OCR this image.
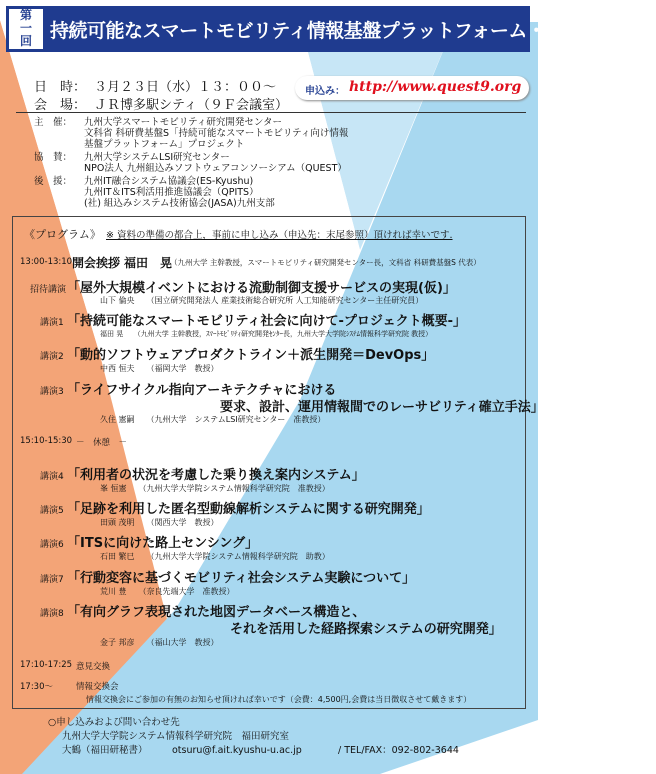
第
一
回 持続可能なスマートモビリティ情報基盤プラットフォーム・シンポジウム
日　時： ３月２３日（水）１３：００～
会　場： ＪＲ博多駅シティ（９Ｆ会議室）
申込み： http://www.quest9.org
主　催： 九州大学スマートモビリティ研究開発センター
文科省 科研費基盤S「持続可能なスマートモビリティ向け情報
基盤プラットフォーム」プロジェクト
協　賛： 九州大学システムLSI研究センター
NPO法人 九州組込みソフトウェアコンソーシアム（QUEST）
後　援： 九州IT融合システム協議会(ES-Kyushu)
九州IT＆ITS利活用推進協議会（QPITS）
(社) 組込みシステム技術協会(JASA)九州支部
《プログラム》 ※ 資料の準備の都合上，事前に申し込み（申込先：末尾参照）頂ければ幸いです.
13:00-13:10 開会挨拶 福田　晃
（九州大学 主幹教授，スマートモビリティ研究開発センター長，文科省 科研費基盤S 代表）
招待講演 「屋外大規模イベントにおける流動制御支援サービスの実現(仮)」
山下 倫央　　（国立研究開発法人 産業技術総合研究所 人工知能研究センター主任研究員）
講演1 「持続可能なスマートモビリティ社会に向けて-プロジェクト概要-」
福田 晃　　（九州大学 主幹教授，ｽﾏｰﾄﾓﾋﾞﾘﾃｨ研究開発ｾﾝﾀｰ長，九州大学大学院ｼｽﾃﾑ情報科学研究院 教授）
講演2 「動的ソフトウェアプロダクトライン＋派生開発＝DevOps」
中西 恒夫　　（福岡大学　教授）
講演3 「ライフサイクル指向アーキテクチャにおける
要求、設計、運用情報間でのレーサビリティ確立手法」
久住 憲嗣　　（九州大学　システムLSI研究センター　准教授）
15:10-15:30 －　休憩　－
講演4 「利用者の状況を考慮した乗り換え案内システム」
峯 恒憲　　（九州大学大学院システム情報科学研究院　准教授）
講演5 「足跡を利用した匿名型動線解析システムに関する研究開発」
田頭 茂明　　（関西大学　教授）
講演6 「ITSに向けた路上センシング」
石田 繁巳　　（九州大学大学院システム情報科学研究院　助教）
講演7 「行動変容に基づくモビリティ社会システム実験について」
荒川 豊　　（奈良先端大学　准教授）
講演8 「有向グラフ表現された地図データベース構造と、
それを活用した経路探索システムの研究開発」
金子 邦彦　　（福山大学　教授）
17:10-17:25 意見交換
17:30～	情報交換会
情報交換会にご参加の有無のお知らせ頂ければ幸いです（会費：4,500円,会費は当日徴収させて戴きます）
○申し込みおよび問い合わせ先
九州大学大学院システム情報科学研究院　福田研究室
大鶴（福田研秘書）	otsuru@f.ait.kyushu-u.ac.jp	/ TEL/FAX：092-802-3644
